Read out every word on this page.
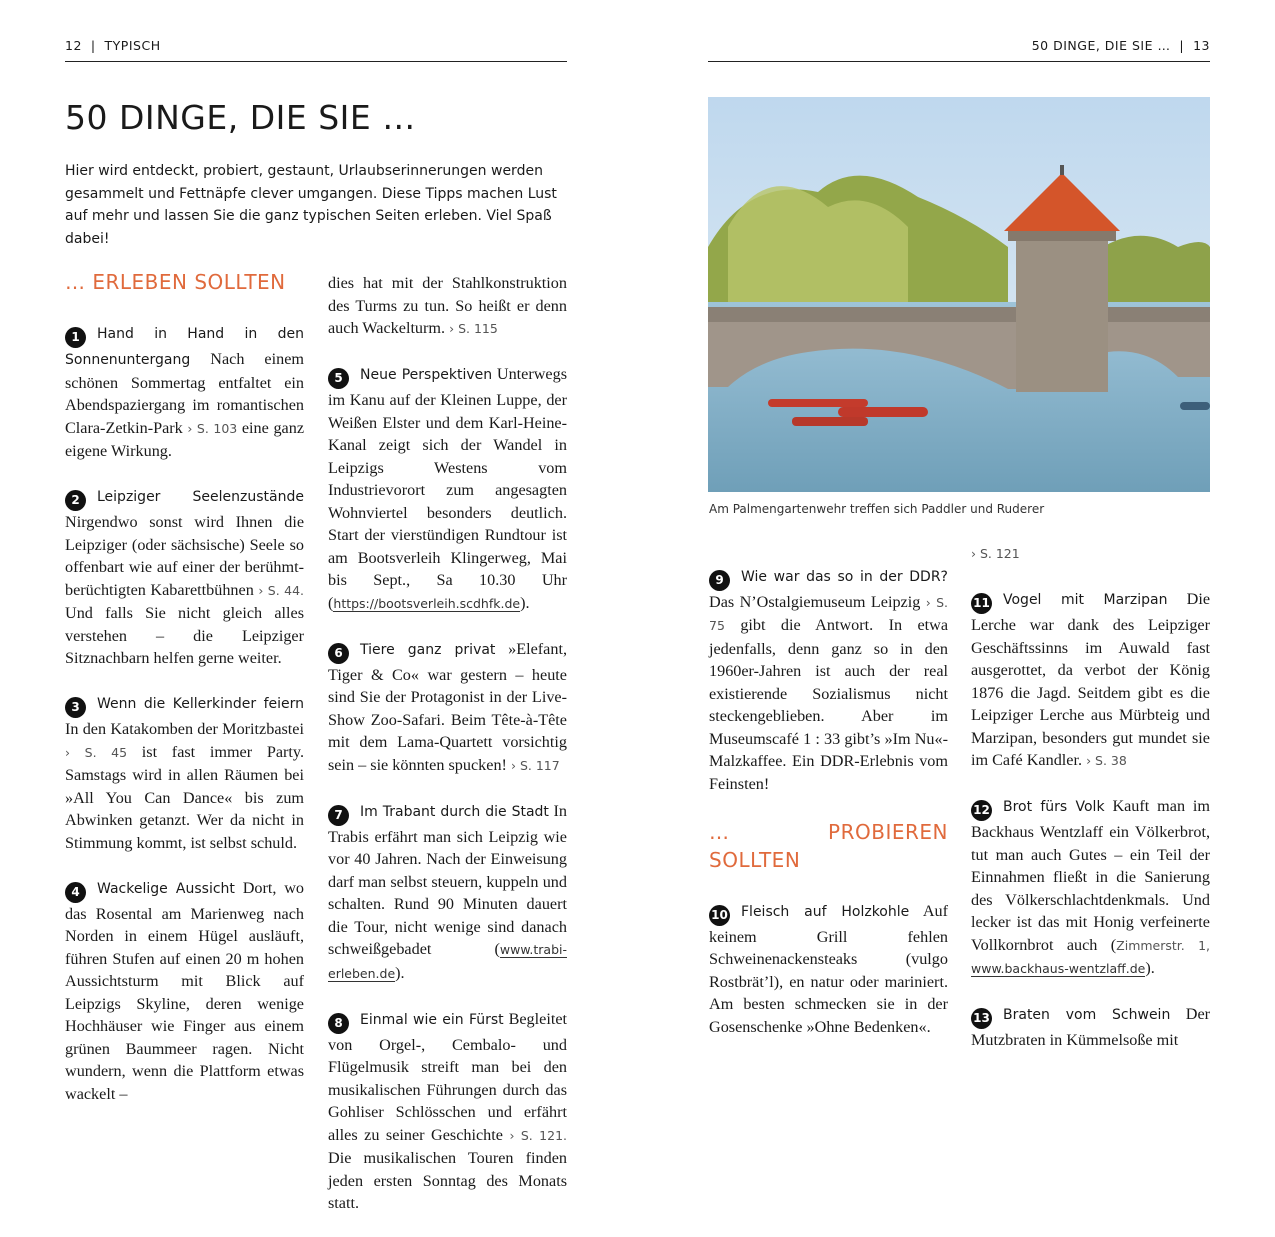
12 | TYPISCH	50 DINGE, DIE SIE … | 13
50 DINGE, DIE SIE …
Hier wird entdeckt, probiert, gestaunt, Urlaubserinnerungen werden gesammelt und Fettnäpfe clever umgangen. Diese Tipps machen Lust auf mehr und lassen Sie die ganz typischen Seiten erleben. Viel Spaß dabei!
… ERLEBEN SOLLTEN

1 Hand in Hand in den Sonnenuntergang Nach einem schönen Sommertag entfaltet ein Abendspaziergang im romantischen Clara-Zetkin-Park › S. 103 eine ganz eigene Wirkung.

2 Leipziger Seelenzustände Nirgendwo sonst wird Ihnen die Leipziger (oder sächsische) Seele so offenbart wie auf einer der berühmt-berüchtigten Kabarettbühnen › S. 44. Und falls Sie nicht gleich alles verstehen – die Leipziger Sitznachbarn helfen gerne weiter.

3 Wenn die Kellerkinder feiern In den Katakomben der Moritzbastei › S. 45 ist fast immer Party. Samstags wird in allen Räumen bei »All You Can Dance« bis zum Abwinken getanzt. Wer da nicht in Stimmung kommt, ist selbst schuld.

4 Wackelige Aussicht Dort, wo das Rosental am Marienweg nach Norden in einem Hügel ausläuft, führen Stufen auf einen 20 m hohen Aussichtsturm mit Blick auf Leipzigs Skyline, deren wenige Hochhäuser wie Finger aus einem grünen Baummeer ragen. Nicht wundern, wenn die Plattform etwas wackelt –

dies hat mit der Stahlkonstruktion des Turms zu tun. So heißt er denn auch Wackelturm. › S. 115

5 Neue Perspektiven Unterwegs im Kanu auf der Kleinen Luppe, der Weißen Elster und dem Karl-Heine-Kanal zeigt sich der Wandel in Leipzigs Westens vom Industrievorort zum angesagten Wohnviertel besonders deutlich. Start der vierstündigen Rundtour ist am Bootsverleih Klingerweg, Mai bis Sept., Sa 10.30 Uhr (https://bootsverleih.scdhfk.de).

6 Tiere ganz privat »Elefant, Tiger & Co« war gestern – heute sind Sie der Protagonist in der Live-Show Zoo-Safari. Beim Tête-à-Tête mit dem Lama-Quartett vorsichtig sein – sie könnten spucken! › S. 117

7 Im Trabant durch die Stadt In Trabis erfährt man sich Leipzig wie vor 40 Jahren. Nach der Einweisung darf man selbst steuern, kuppeln und schalten. Rund 90 Minuten dauert die Tour, nicht wenige sind danach schweißgebadet (www.trabi-erleben.de).

8 Einmal wie ein Fürst Begleitet von Orgel-, Cembalo- und Flügelmusik streift man bei den musikalischen Führungen durch das Gohliser Schlösschen und erfährt alles zu seiner Geschichte › S. 121. Die musikalischen Touren finden jeden ersten Sonntag des Monats statt.

Am Palmengartenwehr treffen sich Paddler und Ruderer

9 Wie war das so in der DDR? Das N’Ostalgiemuseum Leipzig › S. 75 gibt die Antwort. In etwa jedenfalls, denn ganz so in den 1960er-Jahren ist auch der real existierende Sozialismus nicht steckengeblieben. Aber im Museumscafé 1 : 33 gibt’s »Im Nu«-Malzkaffee. Ein DDR-Erlebnis vom Feinsten!

… PROBIEREN SOLLTEN

10 Fleisch auf Holzkohle Auf keinem Grill fehlen Schweinenackensteaks (vulgo Rostbrät’l), en natur oder mariniert. Am besten schmecken sie in der Gosenschenke »Ohne Bedenken«.

› S. 121

11 Vogel mit Marzipan Die Lerche war dank des Leipziger Geschäftssinns im Auwald fast ausgerottet, da verbot der König 1876 die Jagd. Seitdem gibt es die Leipziger Lerche aus Mürbteig und Marzipan, besonders gut mundet sie im Café Kandler. › S. 38

12 Brot fürs Volk Kauft man im Backhaus Wentzlaff ein Völkerbrot, tut man auch Gutes – ein Teil der Einnahmen fließt in die Sanierung des Völkerschlachtdenkmals. Und lecker ist das mit Honig verfeinerte Vollkornbrot auch (Zimmerstr. 1, www.backhaus-wentzlaff.de).

13 Braten vom Schwein Der Mutzbraten in Kümmelsoße mit
